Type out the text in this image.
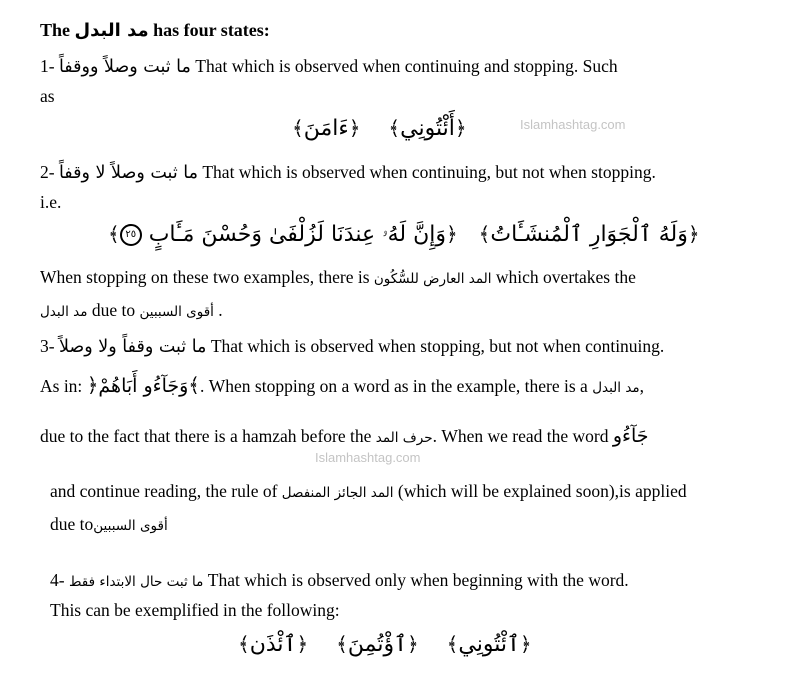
The مد البدل has four states:
1- ما ثبت وصلاً ووقفاً That which is observed when continuing and stopping. Such
as
Islamhashtag.com
﴿أَئْتُونِي﴾    ﴿ءَامَنَ﴾
2- ما ثبت وصلاً لا وقفاً That which is observed when continuing, but not when stopping.
i.e.
﴿وَلَهُ ٱلْجَوَارِ ٱلْمُنشَـَٔاتُ﴾   ﴿وَإِنَّ لَهُۥ عِندَنَا لَزُلْفَىٰ وَحُسْنَ مَـَٔابٍ ٢٥﴾
When stopping on these two examples, there is المد العارض للسُّكُون which overtakes the
مد البدل due to أقوى السببين .
3- ما ثبت وقفاً ولا وصلاً That which is observed when stopping, but not when continuing.
As in: ﴿وَجَآءُو أَبَاهُمْ﴾. When stopping on a word as in the example, there is a مد البدل,
due to the fact that there is a hamzah before the حرف المد. When we read the word جَآءُو
Islamhashtag.com
and continue reading, the rule of المد الجائز المنفصل (which will be explained soon),is applied
due toأقوى السببين
4- ما ثبت حال الابتداء فقط That which is observed only when beginning with the word.
This can be exemplified in the following:
﴿ٱئْتُونِي﴾    ﴿ٱؤْتُمِنَ﴾    ﴿ٱئْذَن﴾
